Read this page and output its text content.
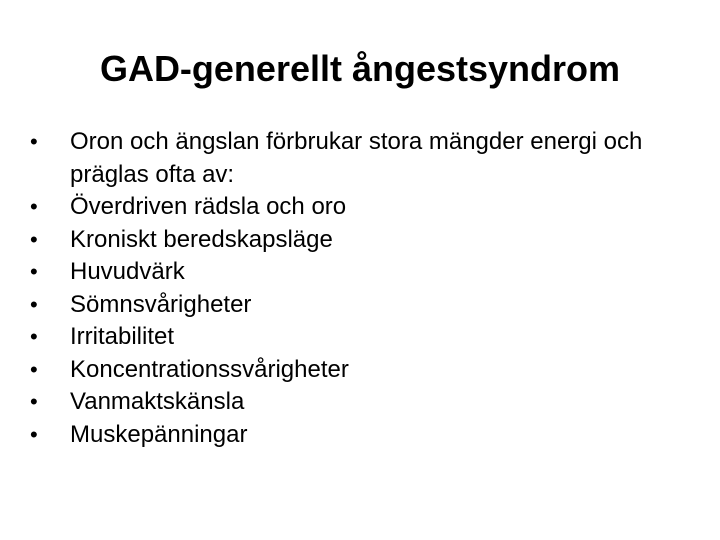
GAD-generellt ångestsyndrom
•	Oron och ängslan förbrukar stora mängder energi och präglas ofta av:
•	Överdriven rädsla och oro
•	Kroniskt beredskapsläge
•	Huvudvärk
•	Sömnsvårigheter
•	Irritabilitet
•	Koncentrationssvårigheter
•	Vanmaktskänsla
•	Muskepänningar
